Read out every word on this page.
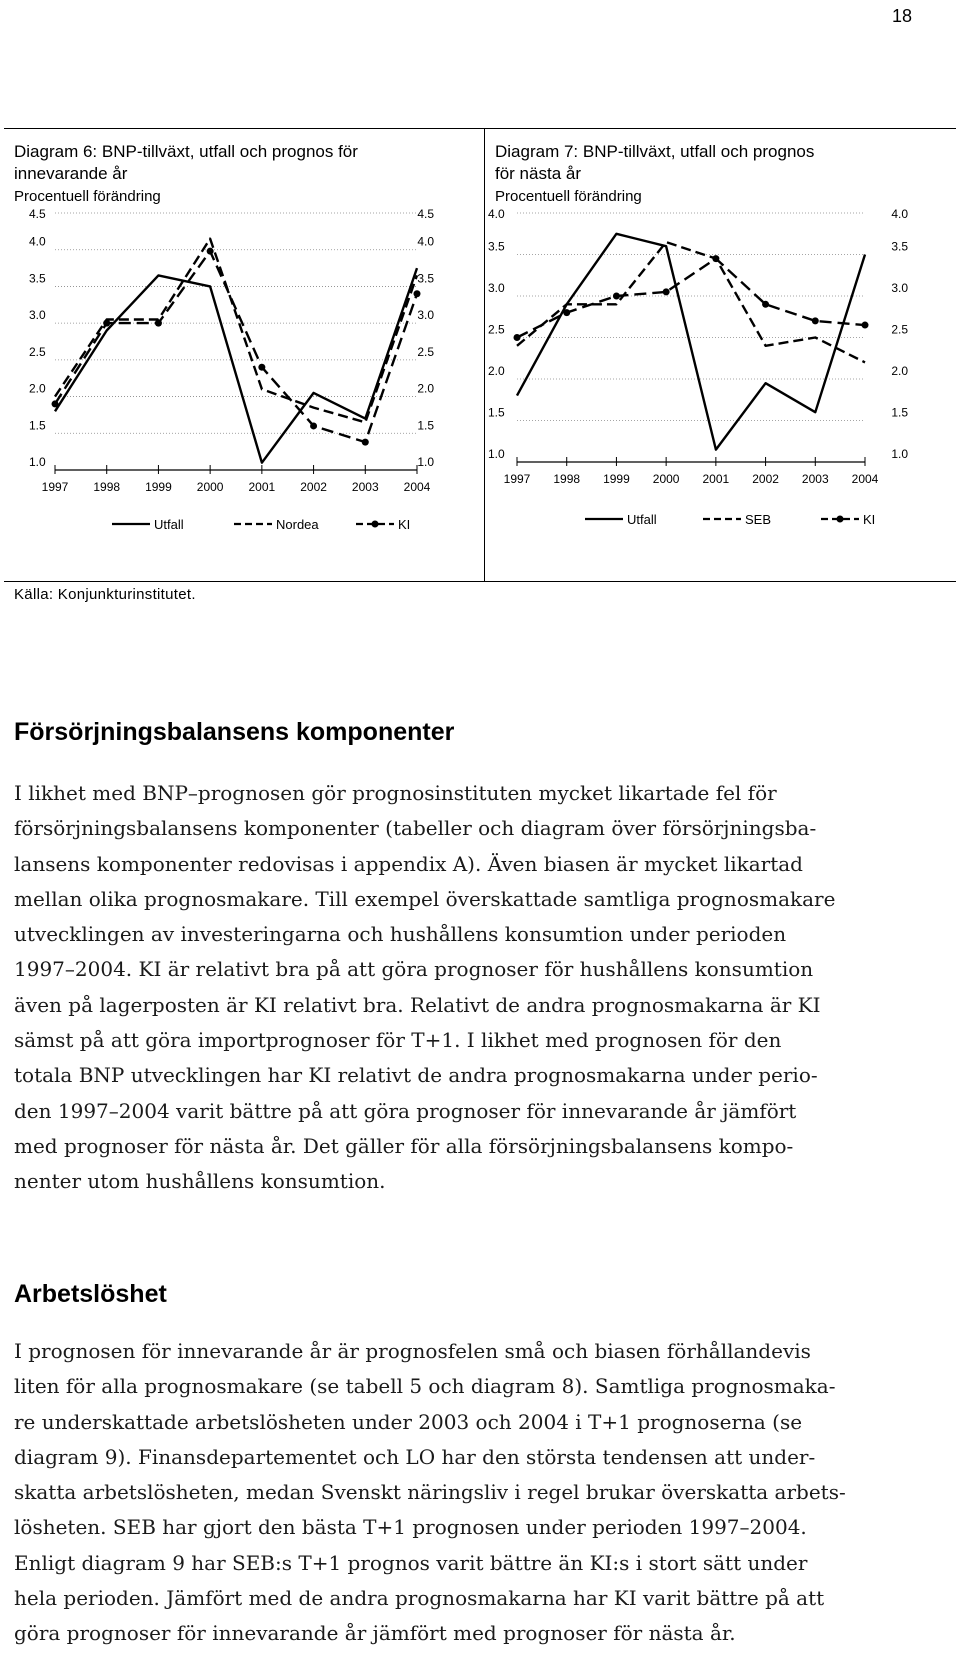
18
Diagram 6: BNP-tillväxt, utfall och prognos för
innevarande år
Procentuell förändring
1.0	1.0
1.5	1.5
2.0	2.0
2.5	2.5
3.0	3.0
3.5	3.5
4.0	4.0
4.5	4.5
1997 1998 1999 2000 2001 2002 2003 2004
Utfall	Nordea	KI
Diagram 7: BNP-tillväxt, utfall och prognos
för nästa år
Procentuell förändring
1.0	1.0
1.5	1.5
2.0	2.0
2.5	2.5
3.0	3.0
3.5	3.5
4.0	4.0
1997 1998 1999 2000 2001 2002 2003 2004
Utfall	SEB	KI
Källa: Konjunkturinstitutet.
Försörjningsbalansens komponenter
I likhet med BNP–prognosen gör prognosinstituten mycket likartade fel för
försörjningsbalansens komponenter (tabeller och diagram över försörjningsba-
lansens komponenter redovisas i appendix A). Även biasen är mycket likartad
mellan olika prognosmakare. Till exempel överskattade samtliga prognosmakare
utvecklingen av investeringarna och hushållens konsumtion under perioden
1997–2004. KI är relativt bra på att göra prognoser för hushållens konsumtion
även på lagerposten är KI relativt bra. Relativt de andra prognosmakarna är KI
sämst på att göra importprognoser för T+1. I likhet med prognosen för den
totala BNP utvecklingen har KI relativt de andra prognosmakarna under perio-
den 1997–2004 varit bättre på att göra prognoser för innevarande år jämfört
med prognoser för nästa år. Det gäller för alla försörjningsbalansens kompo-
nenter utom hushållens konsumtion.
Arbetslöshet
I prognosen för innevarande år är prognosfelen små och biasen förhållandevis
liten för alla prognosmakare (se tabell 5 och diagram 8). Samtliga prognosmaka-
re underskattade arbetslösheten under 2003 och 2004 i T+1 prognoserna (se
diagram 9). Finansdepartementet och LO har den största tendensen att under-
skatta arbetslösheten, medan Svenskt näringsliv i regel brukar överskatta arbets-
lösheten. SEB har gjort den bästa T+1 prognosen under perioden 1997–2004.
Enligt diagram 9 har SEB:s T+1 prognos varit bättre än KI:s i stort sätt under
hela perioden. Jämfört med de andra prognosmakarna har KI varit bättre på att
göra prognoser för innevarande år jämfört med prognoser för nästa år.
